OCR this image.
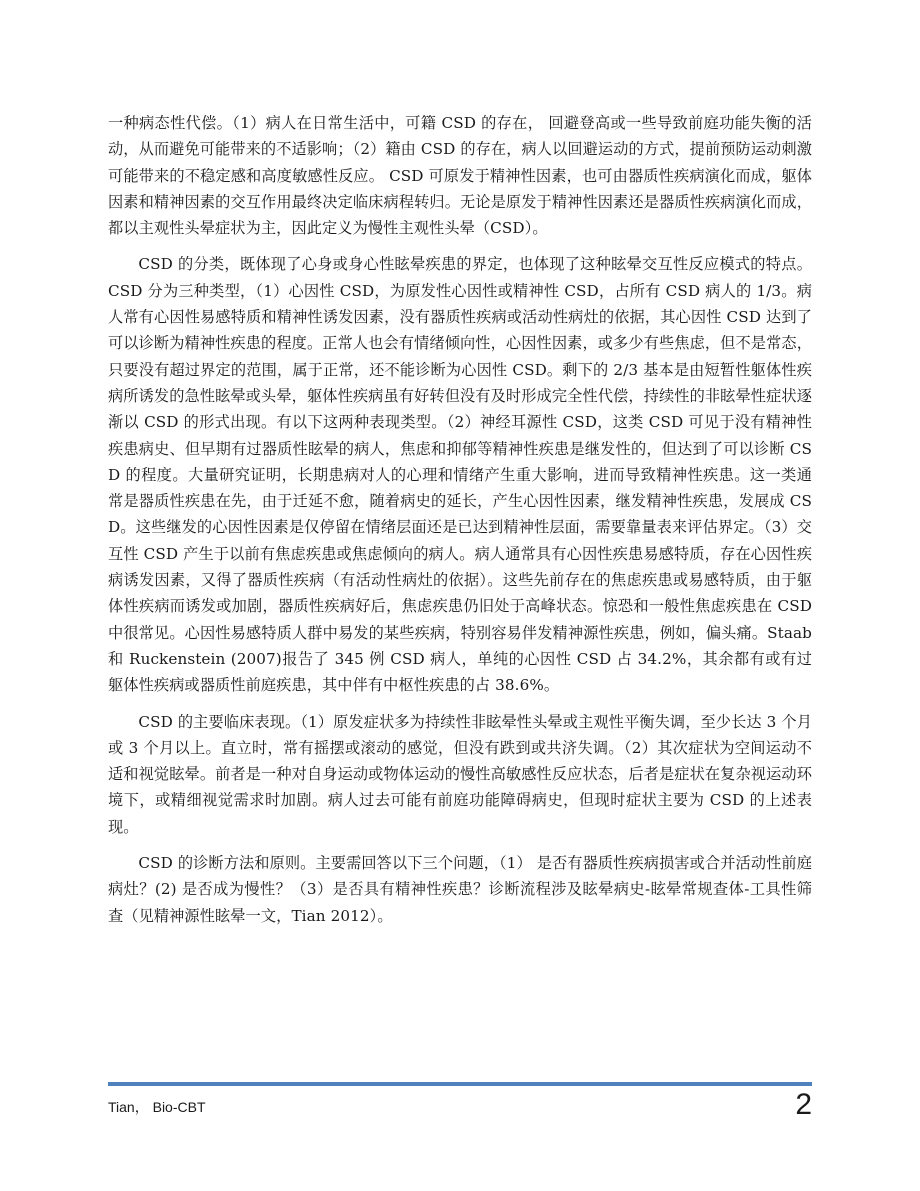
一种病态性代偿。（1）病人在日常生活中，可籍 CSD 的存在， 回避登高或一些导致前庭功能失衡的活动，从而避免可能带来的不适影响；（2）籍由 CSD 的存在，病人以回避运动的方式，提前预防运动刺激可能带来的不稳定感和高度敏感性反应。 CSD 可原发于精神性因素，也可由器质性疾病演化而成，躯体因素和精神因素的交互作用最终决定临床病程转归。无论是原发于精神性因素还是器质性疾病演化而成，都以主观性头晕症状为主，因此定义为慢性主观性头晕（CSD）。

CSD 的分类，既体现了心身或身心性眩晕疾患的界定，也体现了这种眩晕交互性反应模式的特点。CSD 分为三种类型，（1）心因性 CSD，为原发性心因性或精神性 CSD，占所有 CSD 病人的 1/3。病人常有心因性易感特质和精神性诱发因素，没有器质性疾病或活动性病灶的依据，其心因性 CSD 达到了可以诊断为精神性疾患的程度。正常人也会有情绪倾向性，心因性因素，或多少有些焦虑，但不是常态，只要没有超过界定的范围，属于正常，还不能诊断为心因性 CSD。剩下的 2/3 基本是由短暂性躯体性疾病所诱发的急性眩晕或头晕，躯体性疾病虽有好转但没有及时形成完全性代偿，持续性的非眩晕性症状逐渐以 CSD 的形式出现。有以下这两种表现类型。（2）神经耳源性 CSD，这类 CSD 可见于没有精神性疾患病史、但早期有过器质性眩晕的病人，焦虑和抑郁等精神性疾患是继发性的，但达到了可以诊断 CSD 的程度。大量研究证明，长期患病对人的心理和情绪产生重大影响，进而导致精神性疾患。这一类通常是器质性疾患在先，由于迁延不愈，随着病史的延长，产生心因性因素，继发精神性疾患，发展成 CSD。这些继发的心因性因素是仅停留在情绪层面还是已达到精神性层面，需要靠量表来评估界定。（3）交互性 CSD 产生于以前有焦虑疾患或焦虑倾向的病人。病人通常具有心因性疾患易感特质，存在心因性疾病诱发因素，又得了器质性疾病（有活动性病灶的依据）。这些先前存在的焦虑疾患或易感特质，由于躯体性疾病而诱发或加剧，器质性疾病好后，焦虑疾患仍旧处于高峰状态。惊恐和一般性焦虑疾患在 CSD 中很常见。心因性易感特质人群中易发的某些疾病，特别容易伴发精神源性疾患，例如，偏头痛。Staab 和 Ruckenstein (2007)报告了 345 例 CSD 病人，单纯的心因性 CSD 占 34.2%，其余都有或有过躯体性疾病或器质性前庭疾患，其中伴有中枢性疾患的占 38.6%。

CSD 的主要临床表现。（1）原发症状多为持续性非眩晕性头晕或主观性平衡失调，至少长达 3 个月或 3 个月以上。直立时，常有摇摆或滚动的感觉，但没有跌到或共济失调。（2）其次症状为空间运动不适和视觉眩晕。前者是一种对自身运动或物体运动的慢性高敏感性反应状态，后者是症状在复杂视运动环境下，或精细视觉需求时加剧。病人过去可能有前庭功能障碍病史，但现时症状主要为 CSD 的上述表现。

CSD 的诊断方法和原则。主要需回答以下三个问题，（1） 是否有器质性疾病损害或合并活动性前庭病灶？(2) 是否成为慢性？（3）是否具有精神性疾患？诊断流程涉及眩晕病史-眩晕常规查体-工具性筛查（见精神源性眩晕一文，Tian 2012）。

Tian， Bio-CBT	2
